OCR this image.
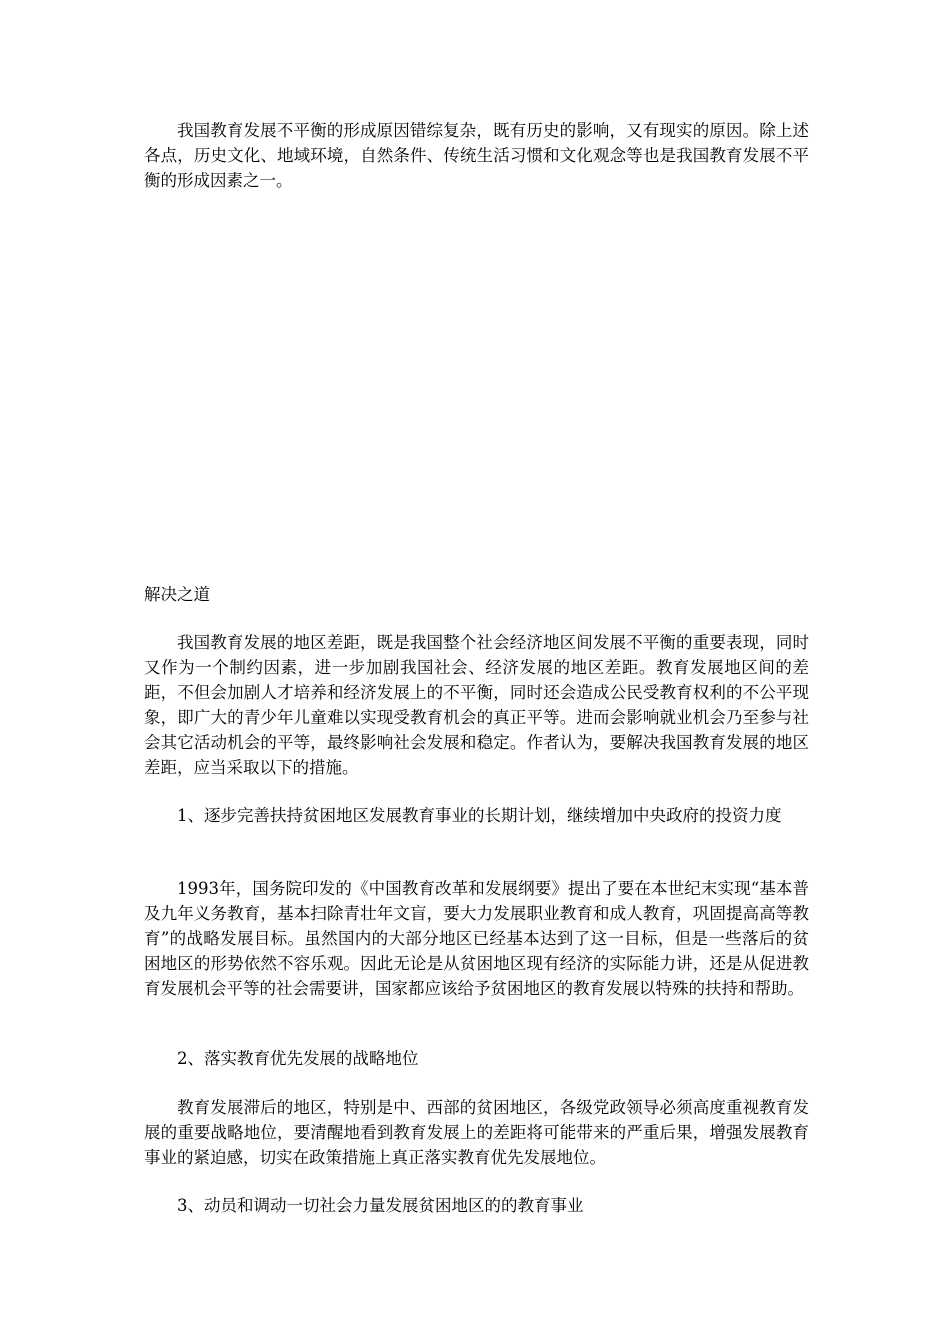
我国教育发展不平衡的形成原因错综复杂，既有历史的影响，又有现实的原因。除上述各点，历史文化、地域环境，自然条件、传统生活习惯和文化观念等也是我国教育发展不平衡的形成因素之一。

解决之道

我国教育发展的地区差距，既是我国整个社会经济地区间发展不平衡的重要表现，同时又作为一个制约因素，进一步加剧我国社会、经济发展的地区差距。教育发展地区间的差距，不但会加剧人才培养和经济发展上的不平衡，同时还会造成公民受教育权利的不公平现象，即广大的青少年儿童难以实现受教育机会的真正平等。进而会影响就业机会乃至参与社会其它活动机会的平等，最终影响社会发展和稳定。作者认为，要解决我国教育发展的地区差距，应当采取以下的措施。

1、逐步完善扶持贫困地区发展教育事业的长期计划，继续增加中央政府的投资力度

1993年，国务院印发的《中国教育改革和发展纲要》提出了要在本世纪末实现“基本普及九年义务教育，基本扫除青壮年文盲，要大力发展职业教育和成人教育，巩固提高高等教育”的战略发展目标。虽然国内的大部分地区已经基本达到了这一目标，但是一些落后的贫困地区的形势依然不容乐观。因此无论是从贫困地区现有经济的实际能力讲，还是从促进教育发展机会平等的社会需要讲，国家都应该给予贫困地区的教育发展以特殊的扶持和帮助。

2、落实教育优先发展的战略地位

教育发展滞后的地区，特别是中、西部的贫困地区，各级党政领导必须高度重视教育发展的重要战略地位，要清醒地看到教育发展上的差距将可能带来的严重后果，增强发展教育事业的紧迫感，切实在政策措施上真正落实教育优先发展地位。

3、动员和调动一切社会力量发展贫困地区的的教育事业
